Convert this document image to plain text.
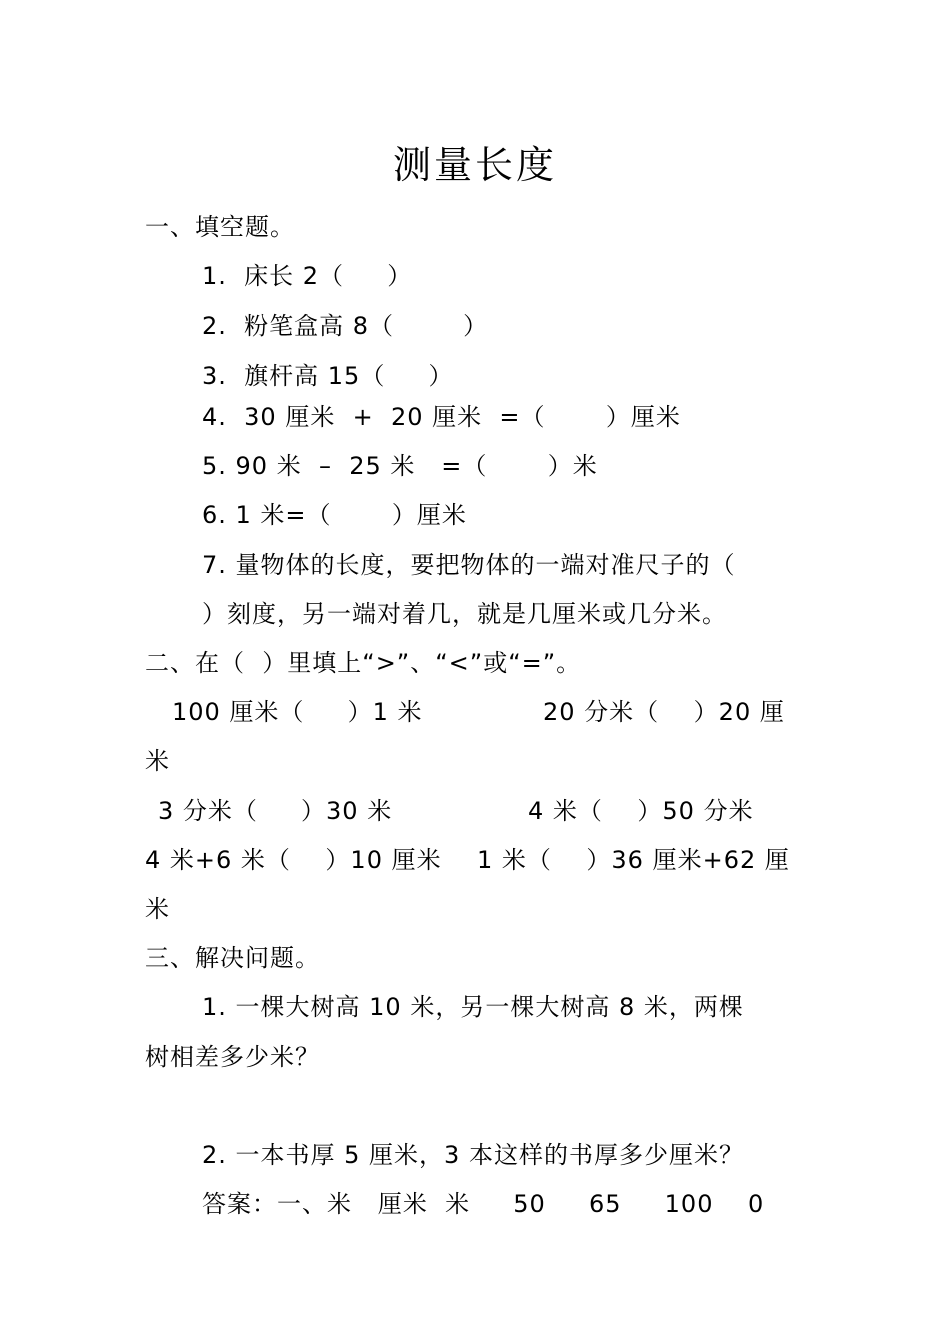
测量长度
一、填空题。
1.  床长 2（     ）
2.  粉笔盒高 8（        ）
3.  旗杆高 15（     ）
4.  30 厘米  +  20 厘米  =（       ）厘米
5. 90 米  –  25 米   =（       ）米
6. 1 米=（       ）厘米
7. 量物体的长度，要把物体的一端对准尺子的（
）刻度，另一端对着几，就是几厘米或几分米。
二、在（  ）里填上“>”、“<”或“=”。
100 厘米（     ）1 米	20 分米（    ）20 厘
米
3 分米（     ）30 米	4 米（    ）50 分米
4 米+6 米（    ）10 厘米 1 米（    ）36 厘米+62 厘
米
三、解决问题。
1. 一棵大树高 10 米，另一棵大树高 8 米，两棵
树相差多少米？
2. 一本书厚 5 厘米，3 本这样的书厚多少厘米？
答案：一、米   厘米  米     50     65     100    0
